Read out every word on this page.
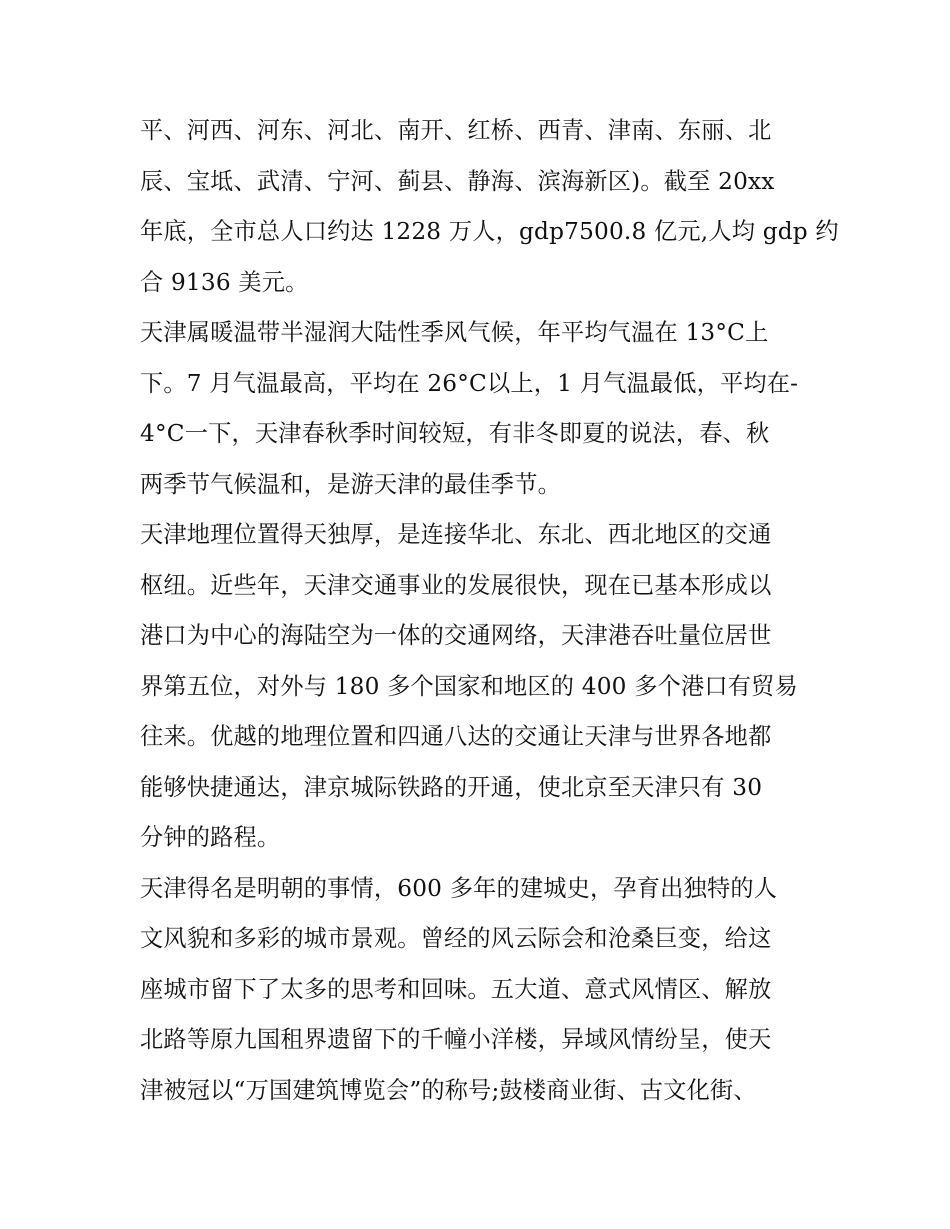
平、河西、河东、河北、南开、红桥、西青、津南、东丽、北
辰、宝坻、武清、宁河、蓟县、静海、滨海新区)。截至 20xx
年底，全市总人口约达 1228 万人，gdp7500.8 亿元,人均 gdp 约
合 9136 美元。
天津属暖温带半湿润大陆性季风气候，年平均气温在 13°C上
下。7 月气温最高，平均在 26°C以上，1 月气温最低，平均在-
4°C一下，天津春秋季时间较短，有非冬即夏的说法，春、秋
两季节气候温和，是游天津的最佳季节。
天津地理位置得天独厚，是连接华北、东北、西北地区的交通
枢纽。近些年，天津交通事业的发展很快，现在已基本形成以
港口为中心的海陆空为一体的交通网络，天津港吞吐量位居世
界第五位，对外与 180 多个国家和地区的 400 多个港口有贸易
往来。优越的地理位置和四通八达的交通让天津与世界各地都
能够快捷通达，津京城际铁路的开通，使北京至天津只有 30
分钟的路程。
天津得名是明朝的事情，600 多年的建城史，孕育出独特的人
文风貌和多彩的城市景观。曾经的风云际会和沧桑巨变，给这
座城市留下了太多的思考和回味。五大道、意式风情区、解放
北路等原九国租界遗留下的千幢小洋楼，异域风情纷呈，使天
津被冠以“万国建筑博览会”的称号;鼓楼商业街、古文化街、
